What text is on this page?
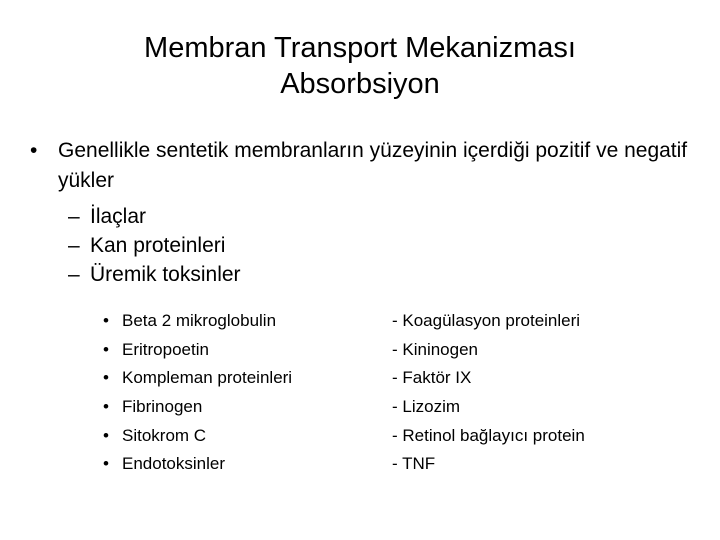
Membran Transport Mekanizması
Absorbsiyon
• Genellikle sentetik membranların yüzeyinin içerdiği pozitif ve negatif yükler
– İlaçlar
– Kan proteinleri
– Üremik toksinler
• Beta 2 mikroglobulin
• Eritropoetin
• Kompleman proteinleri
• Fibrinogen
• Sitokrom C
• Endotoksinler
- Koagülasyon proteinleri
- Kininogen
- Faktör IX
- Lizozim
- Retinol bağlayıcı protein
- TNF
